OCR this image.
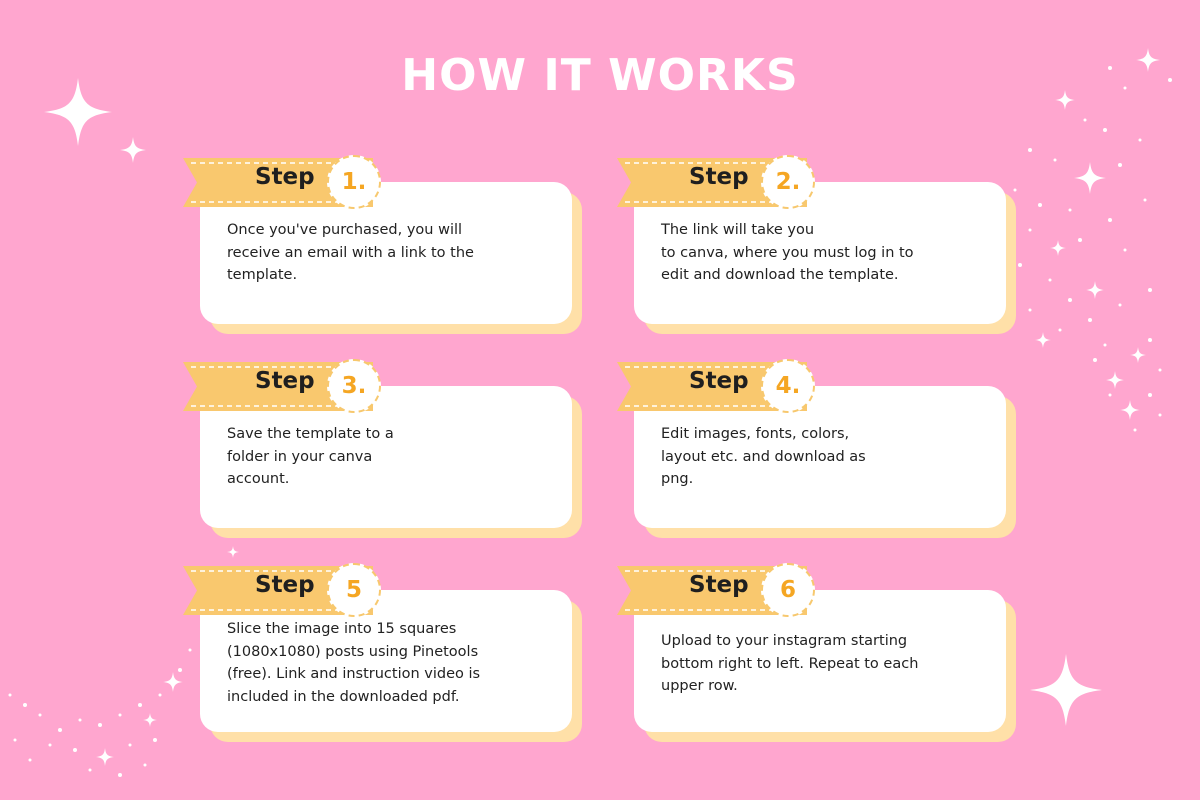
HOW IT WORKS
Once you've purchased, you will
receive an email with a link to the
template.
Step 1.
The link will take you
to canva, where you must log in to
edit and download the template.
Step 2.
Save the template to a
folder in your canva
account.
Step 3.
Edit images, fonts, colors,
layout etc. and download as
png.
Step 4.
Slice the image into 15 squares
(1080x1080) posts using Pinetools
(free). Link and instruction video is
included in the downloaded pdf.
Step 5
Upload to your instagram starting
bottom right to left. Repeat to each
upper row.
Step 6
